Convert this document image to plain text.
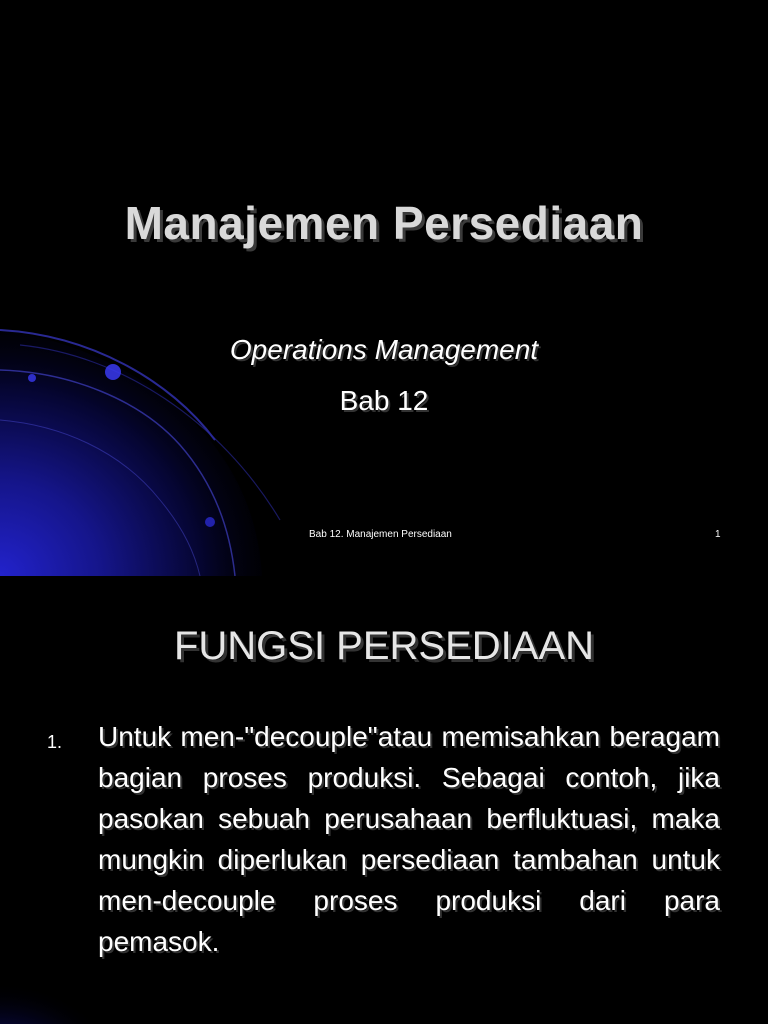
Manajemen Persediaan
Operations Management
Bab 12
Bab 12. Manajemen Persediaan	1
FUNGSI PERSEDIAAN
1. Untuk men-"decouple"atau memisahkan beragam bagian proses produksi. Sebagai contoh, jika pasokan sebuah perusahaan berfluktuasi, maka mungkin diperlukan persediaan tambahan untuk men-decouple proses produksi dari para pemasok.
